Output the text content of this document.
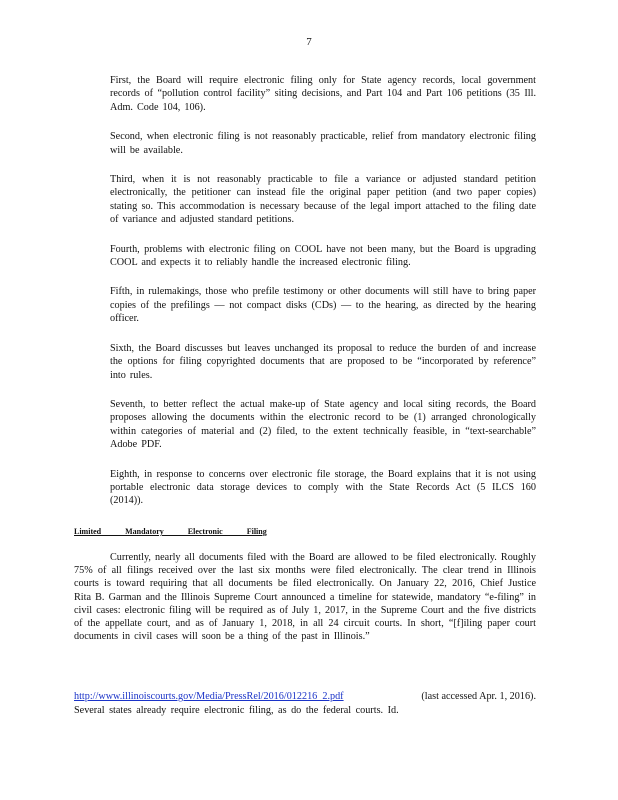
7
First, the Board will require electronic filing only for State agency records, local government records of “pollution control facility” siting decisions, and Part 104 and Part 106 petitions (35 Ill. Adm. Code 104, 106).
Second, when electronic filing is not reasonably practicable, relief from mandatory electronic filing will be available.
Third, when it is not reasonably practicable to file a variance or adjusted standard petition electronically, the petitioner can instead file the original paper petition (and two paper copies) stating so. This accommodation is necessary because of the legal import attached to the filing date of variance and adjusted standard petitions.
Fourth, problems with electronic filing on COOL have not been many, but the Board is upgrading COOL and expects it to reliably handle the increased electronic filing.
Fifth, in rulemakings, those who prefile testimony or other documents will still have to bring paper copies of the prefilings — not compact disks (CDs) — to the hearing, as directed by the hearing officer.
Sixth, the Board discusses but leaves unchanged its proposal to reduce the burden of and increase the options for filing copyrighted documents that are proposed to be “incorporated by reference” into rules.
Seventh, to better reflect the actual make-up of State agency and local siting records, the Board proposes allowing the documents within the electronic record to be (1) arranged chronologically within categories of material and (2) filed, to the extent technically feasible, in “text-searchable” Adobe PDF.
Eighth, in response to concerns over electronic file storage, the Board explains that it is not using portable electronic data storage devices to comply with the State Records Act (5 ILCS 160 (2014)).
Limited Mandatory Electronic Filing
Currently, nearly all documents filed with the Board are allowed to be filed electronically. Roughly 75% of all filings received over the last six months were filed electronically. The clear trend in Illinois courts is toward requiring that all documents be filed electronically. On January 22, 2016, Chief Justice Rita B. Garman and the Illinois Supreme Court announced a timeline for statewide, mandatory “e-filing” in civil cases: electronic filing will be required as of July 1, 2017, in the Supreme Court and the five districts of the appellate court, and as of January 1, 2018, in all 24 circuit courts. In short, “[f]iling paper court documents in civil cases will soon be a thing of the past in Illinois.”
http://www.illinoiscourts.gov/Media/PressRel/2016/012216_2.pdf	(last accessed Apr. 1, 2016).
Several states already require electronic filing, as do the federal courts. Id.
